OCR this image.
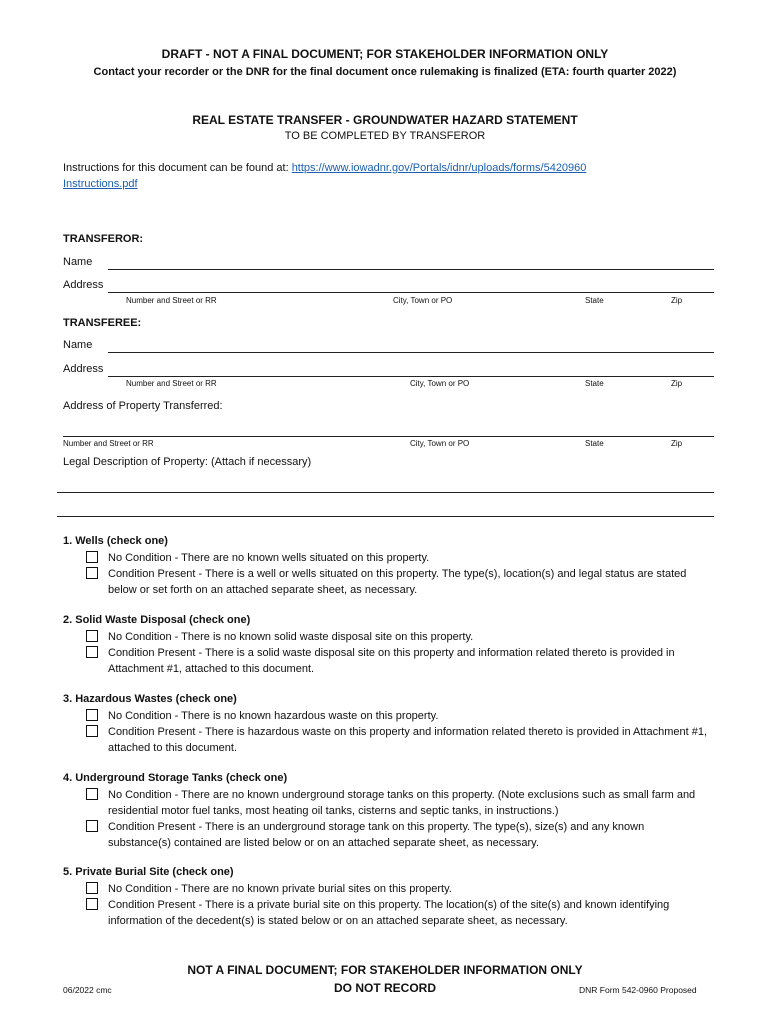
DRAFT - NOT A FINAL DOCUMENT; FOR STAKEHOLDER INFORMATION ONLY
Contact your recorder or the DNR for the final document once rulemaking is finalized (ETA: fourth quarter 2022)
REAL ESTATE TRANSFER - GROUNDWATER HAZARD STATEMENT
TO BE COMPLETED BY TRANSFEROR
Instructions for this document can be found at: https://www.iowadnr.gov/Portals/idnr/uploads/forms/5420960
Instructions.pdf
TRANSFEROR:
Name
Address
Number and Street or RR	City, Town or PO	State	Zip
TRANSFEREE:
Name
Address
Number and Street or RR	City, Town or PO	State	Zip
Address of Property Transferred:
Number and Street or RR	City, Town or PO	State	Zip
Legal Description of Property: (Attach if necessary)
1. Wells (check one)
No Condition - There are no known wells situated on this property.
Condition Present - There is a well or wells situated on this property. The type(s), location(s) and legal status are stated below or set forth on an attached separate sheet, as necessary.
2. Solid Waste Disposal (check one)
No Condition - There is no known solid waste disposal site on this property.
Condition Present - There is a solid waste disposal site on this property and information related thereto is provided in Attachment #1, attached to this document.
3. Hazardous Wastes (check one)
No Condition - There is no known hazardous waste on this property.
Condition Present - There is hazardous waste on this property and information related thereto is provided in Attachment #1, attached to this document.
4. Underground Storage Tanks (check one)
No Condition - There are no known underground storage tanks on this property. (Note exclusions such as small farm and residential motor fuel tanks, most heating oil tanks, cisterns and septic tanks, in instructions.)
Condition Present - There is an underground storage tank on this property. The type(s), size(s) and any known substance(s) contained are listed below or on an attached separate sheet, as necessary.
5. Private Burial Site (check one)
No Condition - There are no known private burial sites on this property.
Condition Present - There is a private burial site on this property. The location(s) of the site(s) and known identifying information of the decedent(s) is stated below or on an attached separate sheet, as necessary.
NOT A FINAL DOCUMENT; FOR STAKEHOLDER INFORMATION ONLY
DO NOT RECORD
06/2022 cmc	DNR Form 542-0960 Proposed
